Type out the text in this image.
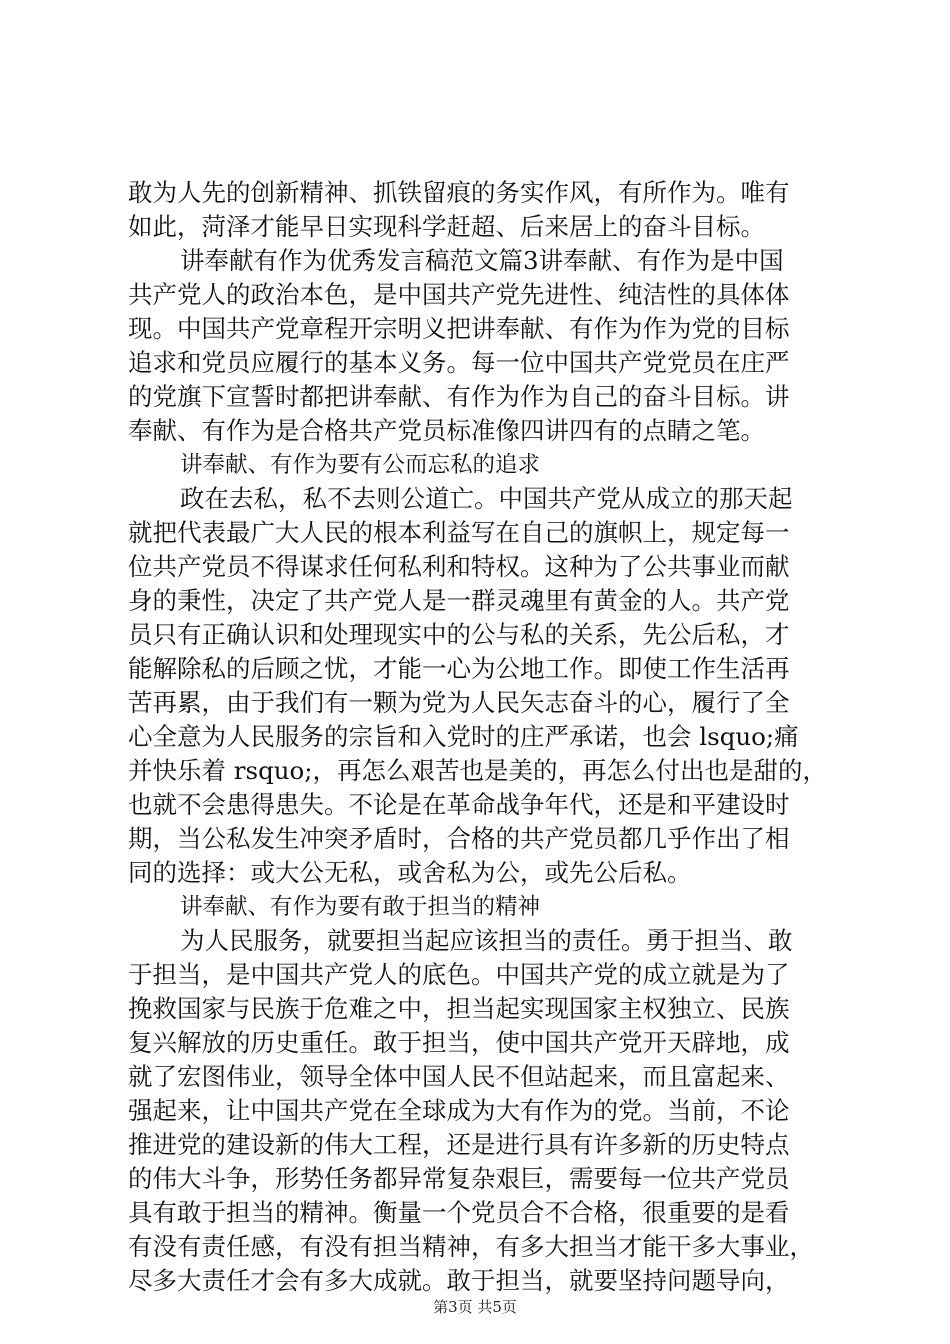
敢为人先的创新精神、抓铁留痕的务实作风，有所作为。唯有
如此，菏泽才能早日实现科学赶超、后来居上的奋斗目标。
讲奉献有作为优秀发言稿范文篇3讲奉献、有作为是中国
共产党人的政治本色，是中国共产党先进性、纯洁性的具体体
现。中国共产党章程开宗明义把讲奉献、有作为作为党的目标
追求和党员应履行的基本义务。每一位中国共产党党员在庄严
的党旗下宣誓时都把讲奉献、有作为作为自己的奋斗目标。讲
奉献、有作为是合格共产党员标准像四讲四有的点睛之笔。
讲奉献、有作为要有公而忘私的追求
政在去私，私不去则公道亡。中国共产党从成立的那天起
就把代表最广大人民的根本利益写在自己的旗帜上，规定每一
位共产党员不得谋求任何私利和特权。这种为了公共事业而献
身的秉性，决定了共产党人是一群灵魂里有黄金的人。共产党
员只有正确认识和处理现实中的公与私的关系，先公后私，才
能解除私的后顾之忧，才能一心为公地工作。即使工作生活再
苦再累，由于我们有一颗为党为人民矢志奋斗的心，履行了全
心全意为人民服务的宗旨和入党时的庄严承诺，也会 lsquo;痛
并快乐着 rsquo;，再怎么艰苦也是美的，再怎么付出也是甜的，
也就不会患得患失。不论是在革命战争年代，还是和平建设时
期，当公私发生冲突矛盾时，合格的共产党员都几乎作出了相
同的选择：或大公无私，或舍私为公，或先公后私。
讲奉献、有作为要有敢于担当的精神
为人民服务，就要担当起应该担当的责任。勇于担当、敢
于担当，是中国共产党人的底色。中国共产党的成立就是为了
挽救国家与民族于危难之中，担当起实现国家主权独立、民族
复兴解放的历史重任。敢于担当，使中国共产党开天辟地，成
就了宏图伟业，领导全体中国人民不但站起来，而且富起来、
强起来，让中国共产党在全球成为大有作为的党。当前，不论
推进党的建设新的伟大工程，还是进行具有许多新的历史特点
的伟大斗争，形势任务都异常复杂艰巨，需要每一位共产党员
具有敢于担当的精神。衡量一个党员合不合格，很重要的是看
有没有责任感，有没有担当精神，有多大担当才能干多大事业，
尽多大责任才会有多大成就。敢于担当，就要坚持问题导向，
第3页 共5页
